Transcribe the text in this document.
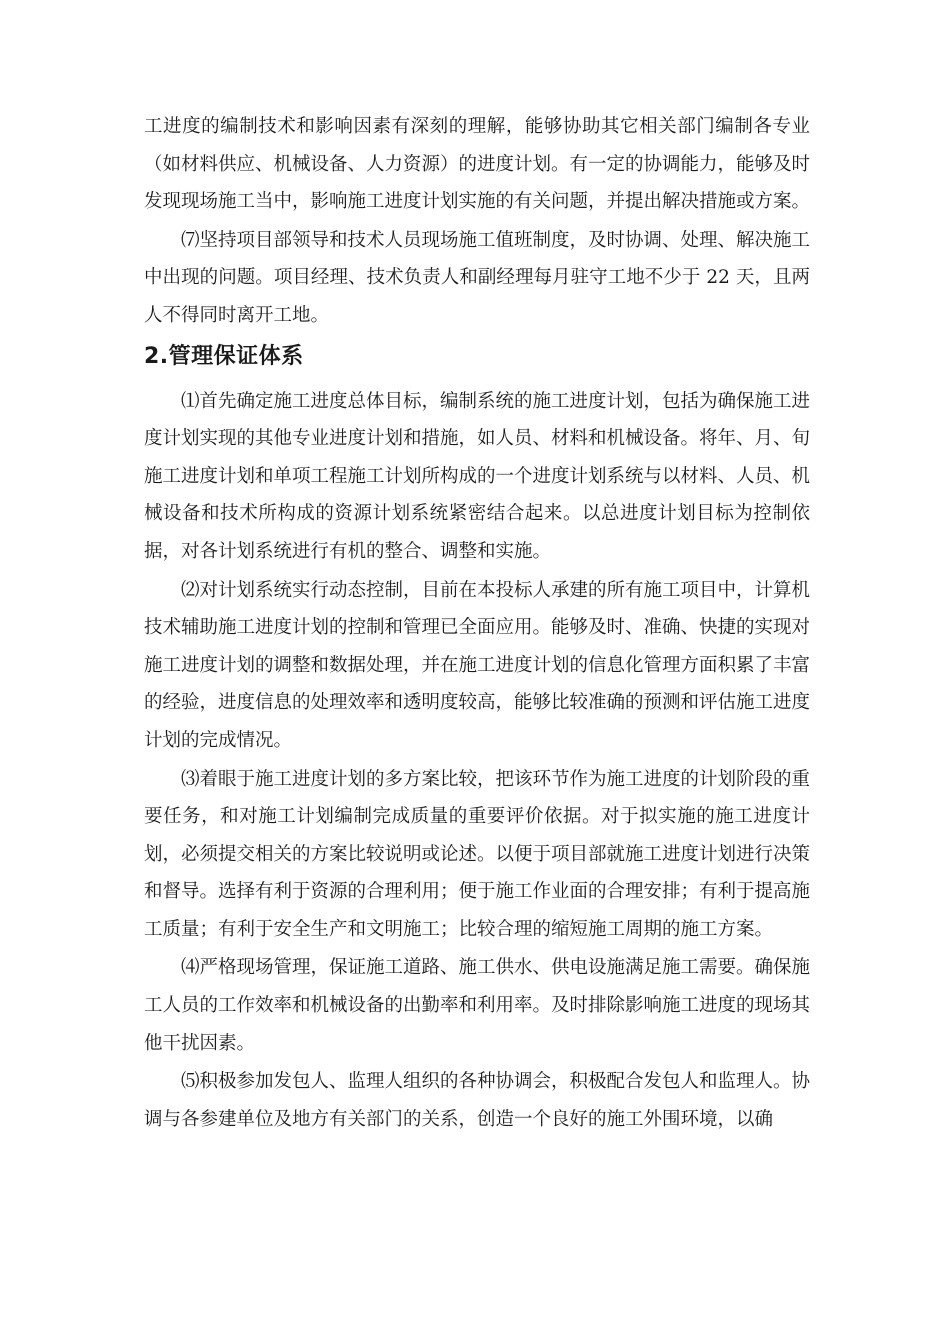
工进度的编制技术和影响因素有深刻的理解，能够协助其它相关部门编制各专业（如材料供应、机械设备、人力资源）的进度计划。有一定的协调能力，能够及时发现现场施工当中，影响施工进度计划实施的有关问题，并提出解决措施或方案。

⑺坚持项目部领导和技术人员现场施工值班制度，及时协调、处理、解决施工中出现的问题。项目经理、技术负责人和副经理每月驻守工地不少于 22 天，且两人不得同时离开工地。

2.管理保证体系

⑴首先确定施工进度总体目标，编制系统的施工进度计划，包括为确保施工进度计划实现的其他专业进度计划和措施，如人员、材料和机械设备。将年、月、旬施工进度计划和单项工程施工计划所构成的一个进度计划系统与以材料、人员、机械设备和技术所构成的资源计划系统紧密结合起来。以总进度计划目标为控制依据，对各计划系统进行有机的整合、调整和实施。

⑵对计划系统实行动态控制，目前在本投标人承建的所有施工项目中，计算机技术辅助施工进度计划的控制和管理已全面应用。能够及时、准确、快捷的实现对施工进度计划的调整和数据处理，并在施工进度计划的信息化管理方面积累了丰富的经验，进度信息的处理效率和透明度较高，能够比较准确的预测和评估施工进度计划的完成情况。

⑶着眼于施工进度计划的多方案比较，把该环节作为施工进度的计划阶段的重要任务，和对施工计划编制完成质量的重要评价依据。对于拟实施的施工进度计划，必须提交相关的方案比较说明或论述。以便于项目部就施工进度计划进行决策和督导。选择有利于资源的合理利用；便于施工作业面的合理安排；有利于提高施工质量；有利于安全生产和文明施工；比较合理的缩短施工周期的施工方案。

⑷严格现场管理，保证施工道路、施工供水、供电设施满足施工需要。确保施工人员的工作效率和机械设备的出勤率和利用率。及时排除影响施工进度的现场其他干扰因素。

⑸积极参加发包人、监理人组织的各种协调会，积极配合发包人和监理人。协调与各参建单位及地方有关部门的关系，创造一个良好的施工外围环境，以确
